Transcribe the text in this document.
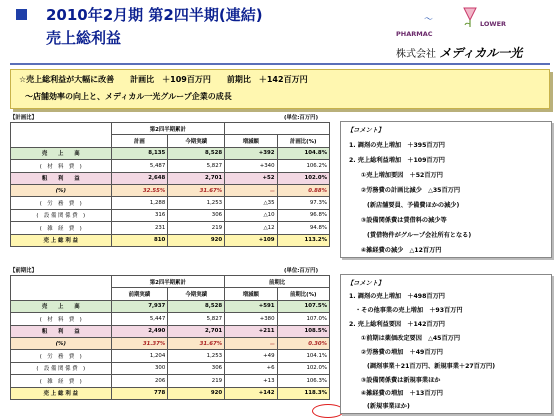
2010年2月期 第2四半期(連結)
売上総利益	PHARMAC
〜	LOWER
株式会社 メディカル一光
☆売上総利益が大幅に改善　　計画比　＋109百万円　　前期比　＋142百万円
～店舗効率の向上と、メディカル一光グループ企業の成長
【計画比】	(単位:百万円)
	第2四半期累計			
	計画	今期実績	増減額	計画比(%)
売　　上　　高	8,135	8,528	+392	104.8%
(　材　料　費　)	5,487	5,827	+340	106.2%
粗　　利　　益	2,648	2,701	+52	102.0%
(%)	32.55%	31.67%	－	0.88%
(　労　務　費　)	1,288	1,253	△35	97.3%
(　設 備 関 係 費　)	316	306	△10	96.8%
(　雑　経　費　)	231	219	△12	94.8%
売 上 総 利 益	810	920	+109	113.2%
【コメント】
1. 調剤の売上増加　＋395百万円
2. 売上総利益増加　＋109百万円
①売上増加要因　＋52百万円
②労務費の計画比減少　△35百万円
(新店舗要員、予備費ほかの減少)
③設備関係費は賃借料の減少等
(賃借物件がグループ会社所有となる)
④雑経費の減少　△12百万円
【前期比】	(単位:百万円)
	第2四半期累計		前期比	
	前期実績	今期実績	増減額	前期比(%)
売　　上　　高	7,937	8,528	+591	107.5%
(　材　料　費　)	5,447	5,827	+380	107.0%
粗　　利　　益	2,490	2,701	+211	108.5%
(%)	31.37%	31.67%	－	0.30%
(　労　務　費　)	1,204	1,253	+49	104.1%
(　設 備 関 係 費　)	300	306	+6	102.0%
(　雑　経　費　)	206	219	+13	106.3%
売 上 総 利 益	778	920	+142	118.3%
【コメント】
1. 調剤の売上増加　＋498百万円
・その他事業の売上増加　＋93百万円
2. 売上総利益要因　＋142百万円
①前期は薬価改定要因　△45百万円
②労務費の増加　＋49百万円
(調剤事業＋21百万円、新規事業＋27百万円)
③設備関係費は新規事業ほか
④雑経費の増加　＋13百万円
(新規事業ほか)
